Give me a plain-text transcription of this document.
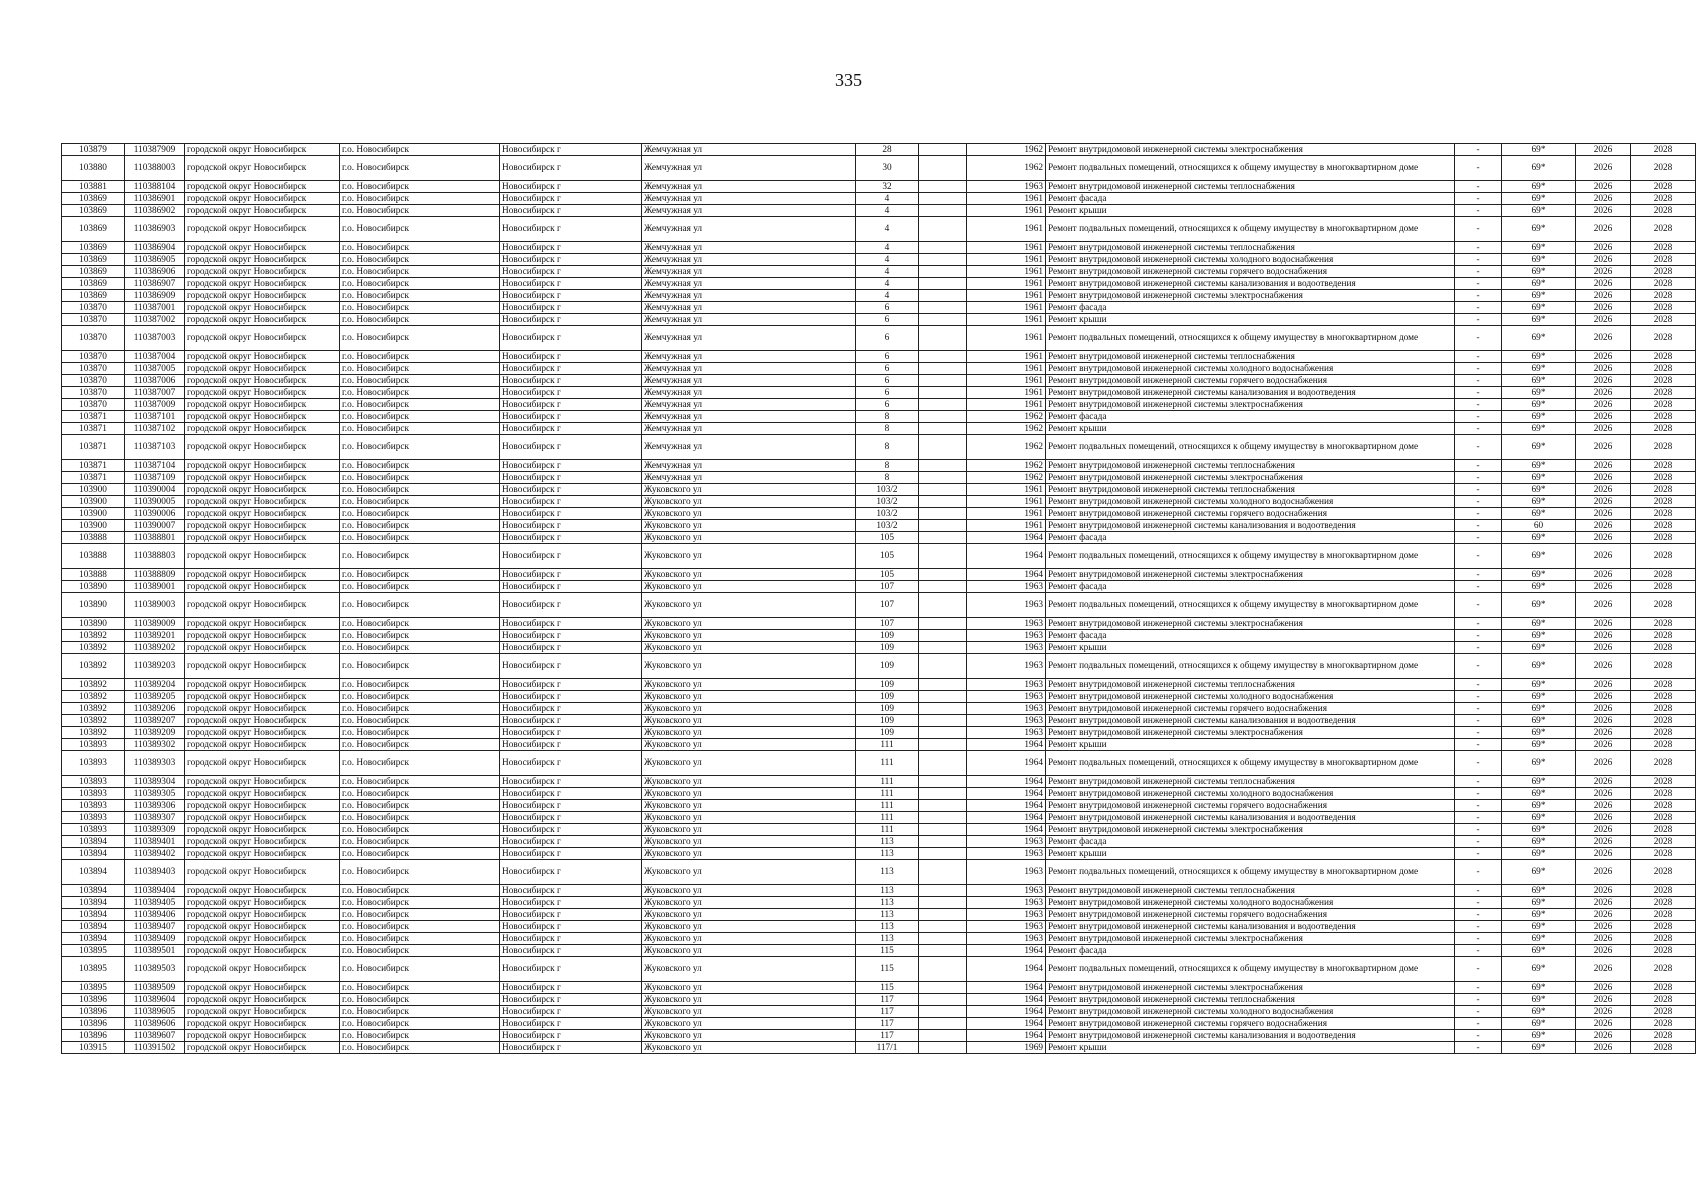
335
103879	110387909	городской округ Новосибирск	г.о. Новосибирск	Новосибирск г	Жемчужная ул	28		1962	Ремонт внутридомовой инженерной системы электроснабжения	-	69*	2026	2028
103880	110388003	городской округ Новосибирск	г.о. Новосибирск	Новосибирск г	Жемчужная ул	30		1962	Ремонт подвальных помещений, относящихся к общему имуществу в многоквартирном доме	-	69*	2026	2028
103881	110388104	городской округ Новосибирск	г.о. Новосибирск	Новосибирск г	Жемчужная ул	32		1963	Ремонт внутридомовой инженерной системы теплоснабжения	-	69*	2026	2028
103869	110386901	городской округ Новосибирск	г.о. Новосибирск	Новосибирск г	Жемчужная ул	4		1961	Ремонт фасада	-	69*	2026	2028
103869	110386902	городской округ Новосибирск	г.о. Новосибирск	Новосибирск г	Жемчужная ул	4		1961	Ремонт крыши	-	69*	2026	2028
103869	110386903	городской округ Новосибирск	г.о. Новосибирск	Новосибирск г	Жемчужная ул	4		1961	Ремонт подвальных помещений, относящихся к общему имуществу в многоквартирном доме	-	69*	2026	2028
103869	110386904	городской округ Новосибирск	г.о. Новосибирск	Новосибирск г	Жемчужная ул	4		1961	Ремонт внутридомовой инженерной системы теплоснабжения	-	69*	2026	2028
103869	110386905	городской округ Новосибирск	г.о. Новосибирск	Новосибирск г	Жемчужная ул	4		1961	Ремонт внутридомовой инженерной системы холодного водоснабжения	-	69*	2026	2028
103869	110386906	городской округ Новосибирск	г.о. Новосибирск	Новосибирск г	Жемчужная ул	4		1961	Ремонт внутридомовой инженерной системы горячего водоснабжения	-	69*	2026	2028
103869	110386907	городской округ Новосибирск	г.о. Новосибирск	Новосибирск г	Жемчужная ул	4		1961	Ремонт внутридомовой инженерной системы канализования и водоотведения	-	69*	2026	2028
103869	110386909	городской округ Новосибирск	г.о. Новосибирск	Новосибирск г	Жемчужная ул	4		1961	Ремонт внутридомовой инженерной системы электроснабжения	-	69*	2026	2028
103870	110387001	городской округ Новосибирск	г.о. Новосибирск	Новосибирск г	Жемчужная ул	6		1961	Ремонт фасада	-	69*	2026	2028
103870	110387002	городской округ Новосибирск	г.о. Новосибирск	Новосибирск г	Жемчужная ул	6		1961	Ремонт крыши	-	69*	2026	2028
103870	110387003	городской округ Новосибирск	г.о. Новосибирск	Новосибирск г	Жемчужная ул	6		1961	Ремонт подвальных помещений, относящихся к общему имуществу в многоквартирном доме	-	69*	2026	2028
103870	110387004	городской округ Новосибирск	г.о. Новосибирск	Новосибирск г	Жемчужная ул	6		1961	Ремонт внутридомовой инженерной системы теплоснабжения	-	69*	2026	2028
103870	110387005	городской округ Новосибирск	г.о. Новосибирск	Новосибирск г	Жемчужная ул	6		1961	Ремонт внутридомовой инженерной системы холодного водоснабжения	-	69*	2026	2028
103870	110387006	городской округ Новосибирск	г.о. Новосибирск	Новосибирск г	Жемчужная ул	6		1961	Ремонт внутридомовой инженерной системы горячего водоснабжения	-	69*	2026	2028
103870	110387007	городской округ Новосибирск	г.о. Новосибирск	Новосибирск г	Жемчужная ул	6		1961	Ремонт внутридомовой инженерной системы канализования и водоотведения	-	69*	2026	2028
103870	110387009	городской округ Новосибирск	г.о. Новосибирск	Новосибирск г	Жемчужная ул	6		1961	Ремонт внутридомовой инженерной системы электроснабжения	-	69*	2026	2028
103871	110387101	городской округ Новосибирск	г.о. Новосибирск	Новосибирск г	Жемчужная ул	8		1962	Ремонт фасада	-	69*	2026	2028
103871	110387102	городской округ Новосибирск	г.о. Новосибирск	Новосибирск г	Жемчужная ул	8		1962	Ремонт крыши	-	69*	2026	2028
103871	110387103	городской округ Новосибирск	г.о. Новосибирск	Новосибирск г	Жемчужная ул	8		1962	Ремонт подвальных помещений, относящихся к общему имуществу в многоквартирном доме	-	69*	2026	2028
103871	110387104	городской округ Новосибирск	г.о. Новосибирск	Новосибирск г	Жемчужная ул	8		1962	Ремонт внутридомовой инженерной системы теплоснабжения	-	69*	2026	2028
103871	110387109	городской округ Новосибирск	г.о. Новосибирск	Новосибирск г	Жемчужная ул	8		1962	Ремонт внутридомовой инженерной системы электроснабжения	-	69*	2026	2028
103900	110390004	городской округ Новосибирск	г.о. Новосибирск	Новосибирск г	Жуковского ул	103/2		1961	Ремонт внутридомовой инженерной системы теплоснабжения	-	69*	2026	2028
103900	110390005	городской округ Новосибирск	г.о. Новосибирск	Новосибирск г	Жуковского ул	103/2		1961	Ремонт внутридомовой инженерной системы холодного водоснабжения	-	69*	2026	2028
103900	110390006	городской округ Новосибирск	г.о. Новосибирск	Новосибирск г	Жуковского ул	103/2		1961	Ремонт внутридомовой инженерной системы горячего водоснабжения	-	69*	2026	2028
103900	110390007	городской округ Новосибирск	г.о. Новосибирск	Новосибирск г	Жуковского ул	103/2		1961	Ремонт внутридомовой инженерной системы канализования и водоотведения	-	60	2026	2028
103888	110388801	городской округ Новосибирск	г.о. Новосибирск	Новосибирск г	Жуковского ул	105		1964	Ремонт фасада	-	69*	2026	2028
103888	110388803	городской округ Новосибирск	г.о. Новосибирск	Новосибирск г	Жуковского ул	105		1964	Ремонт подвальных помещений, относящихся к общему имуществу в многоквартирном доме	-	69*	2026	2028
103888	110388809	городской округ Новосибирск	г.о. Новосибирск	Новосибирск г	Жуковского ул	105		1964	Ремонт внутридомовой инженерной системы электроснабжения	-	69*	2026	2028
103890	110389001	городской округ Новосибирск	г.о. Новосибирск	Новосибирск г	Жуковского ул	107		1963	Ремонт фасада	-	69*	2026	2028
103890	110389003	городской округ Новосибирск	г.о. Новосибирск	Новосибирск г	Жуковского ул	107		1963	Ремонт подвальных помещений, относящихся к общему имуществу в многоквартирном доме	-	69*	2026	2028
103890	110389009	городской округ Новосибирск	г.о. Новосибирск	Новосибирск г	Жуковского ул	107		1963	Ремонт внутридомовой инженерной системы электроснабжения	-	69*	2026	2028
103892	110389201	городской округ Новосибирск	г.о. Новосибирск	Новосибирск г	Жуковского ул	109		1963	Ремонт фасада	-	69*	2026	2028
103892	110389202	городской округ Новосибирск	г.о. Новосибирск	Новосибирск г	Жуковского ул	109		1963	Ремонт крыши	-	69*	2026	2028
103892	110389203	городской округ Новосибирск	г.о. Новосибирск	Новосибирск г	Жуковского ул	109		1963	Ремонт подвальных помещений, относящихся к общему имуществу в многоквартирном доме	-	69*	2026	2028
103892	110389204	городской округ Новосибирск	г.о. Новосибирск	Новосибирск г	Жуковского ул	109		1963	Ремонт внутридомовой инженерной системы теплоснабжения	-	69*	2026	2028
103892	110389205	городской округ Новосибирск	г.о. Новосибирск	Новосибирск г	Жуковского ул	109		1963	Ремонт внутридомовой инженерной системы холодного водоснабжения	-	69*	2026	2028
103892	110389206	городской округ Новосибирск	г.о. Новосибирск	Новосибирск г	Жуковского ул	109		1963	Ремонт внутридомовой инженерной системы горячего водоснабжения	-	69*	2026	2028
103892	110389207	городской округ Новосибирск	г.о. Новосибирск	Новосибирск г	Жуковского ул	109		1963	Ремонт внутридомовой инженерной системы канализования и водоотведения	-	69*	2026	2028
103892	110389209	городской округ Новосибирск	г.о. Новосибирск	Новосибирск г	Жуковского ул	109		1963	Ремонт внутридомовой инженерной системы электроснабжения	-	69*	2026	2028
103893	110389302	городской округ Новосибирск	г.о. Новосибирск	Новосибирск г	Жуковского ул	111		1964	Ремонт крыши	-	69*	2026	2028
103893	110389303	городской округ Новосибирск	г.о. Новосибирск	Новосибирск г	Жуковского ул	111		1964	Ремонт подвальных помещений, относящихся к общему имуществу в многоквартирном доме	-	69*	2026	2028
103893	110389304	городской округ Новосибирск	г.о. Новосибирск	Новосибирск г	Жуковского ул	111		1964	Ремонт внутридомовой инженерной системы теплоснабжения	-	69*	2026	2028
103893	110389305	городской округ Новосибирск	г.о. Новосибирск	Новосибирск г	Жуковского ул	111		1964	Ремонт внутридомовой инженерной системы холодного водоснабжения	-	69*	2026	2028
103893	110389306	городской округ Новосибирск	г.о. Новосибирск	Новосибирск г	Жуковского ул	111		1964	Ремонт внутридомовой инженерной системы горячего водоснабжения	-	69*	2026	2028
103893	110389307	городской округ Новосибирск	г.о. Новосибирск	Новосибирск г	Жуковского ул	111		1964	Ремонт внутридомовой инженерной системы канализования и водоотведения	-	69*	2026	2028
103893	110389309	городской округ Новосибирск	г.о. Новосибирск	Новосибирск г	Жуковского ул	111		1964	Ремонт внутридомовой инженерной системы электроснабжения	-	69*	2026	2028
103894	110389401	городской округ Новосибирск	г.о. Новосибирск	Новосибирск г	Жуковского ул	113		1963	Ремонт фасада	-	69*	2026	2028
103894	110389402	городской округ Новосибирск	г.о. Новосибирск	Новосибирск г	Жуковского ул	113		1963	Ремонт крыши	-	69*	2026	2028
103894	110389403	городской округ Новосибирск	г.о. Новосибирск	Новосибирск г	Жуковского ул	113		1963	Ремонт подвальных помещений, относящихся к общему имуществу в многоквартирном доме	-	69*	2026	2028
103894	110389404	городской округ Новосибирск	г.о. Новосибирск	Новосибирск г	Жуковского ул	113		1963	Ремонт внутридомовой инженерной системы теплоснабжения	-	69*	2026	2028
103894	110389405	городской округ Новосибирск	г.о. Новосибирск	Новосибирск г	Жуковского ул	113		1963	Ремонт внутридомовой инженерной системы холодного водоснабжения	-	69*	2026	2028
103894	110389406	городской округ Новосибирск	г.о. Новосибирск	Новосибирск г	Жуковского ул	113		1963	Ремонт внутридомовой инженерной системы горячего водоснабжения	-	69*	2026	2028
103894	110389407	городской округ Новосибирск	г.о. Новосибирск	Новосибирск г	Жуковского ул	113		1963	Ремонт внутридомовой инженерной системы канализования и водоотведения	-	69*	2026	2028
103894	110389409	городской округ Новосибирск	г.о. Новосибирск	Новосибирск г	Жуковского ул	113		1963	Ремонт внутридомовой инженерной системы электроснабжения	-	69*	2026	2028
103895	110389501	городской округ Новосибирск	г.о. Новосибирск	Новосибирск г	Жуковского ул	115		1964	Ремонт фасада	-	69*	2026	2028
103895	110389503	городской округ Новосибирск	г.о. Новосибирск	Новосибирск г	Жуковского ул	115		1964	Ремонт подвальных помещений, относящихся к общему имуществу в многоквартирном доме	-	69*	2026	2028
103895	110389509	городской округ Новосибирск	г.о. Новосибирск	Новосибирск г	Жуковского ул	115		1964	Ремонт внутридомовой инженерной системы электроснабжения	-	69*	2026	2028
103896	110389604	городской округ Новосибирск	г.о. Новосибирск	Новосибирск г	Жуковского ул	117		1964	Ремонт внутридомовой инженерной системы теплоснабжения	-	69*	2026	2028
103896	110389605	городской округ Новосибирск	г.о. Новосибирск	Новосибирск г	Жуковского ул	117		1964	Ремонт внутридомовой инженерной системы холодного водоснабжения	-	69*	2026	2028
103896	110389606	городской округ Новосибирск	г.о. Новосибирск	Новосибирск г	Жуковского ул	117		1964	Ремонт внутридомовой инженерной системы горячего водоснабжения	-	69*	2026	2028
103896	110389607	городской округ Новосибирск	г.о. Новосибирск	Новосибирск г	Жуковского ул	117		1964	Ремонт внутридомовой инженерной системы канализования и водоотведения	-	69*	2026	2028
103915	110391502	городской округ Новосибирск	г.о. Новосибирск	Новосибирск г	Жуковского ул	117/1		1969	Ремонт крыши	-	69*	2026	2028
